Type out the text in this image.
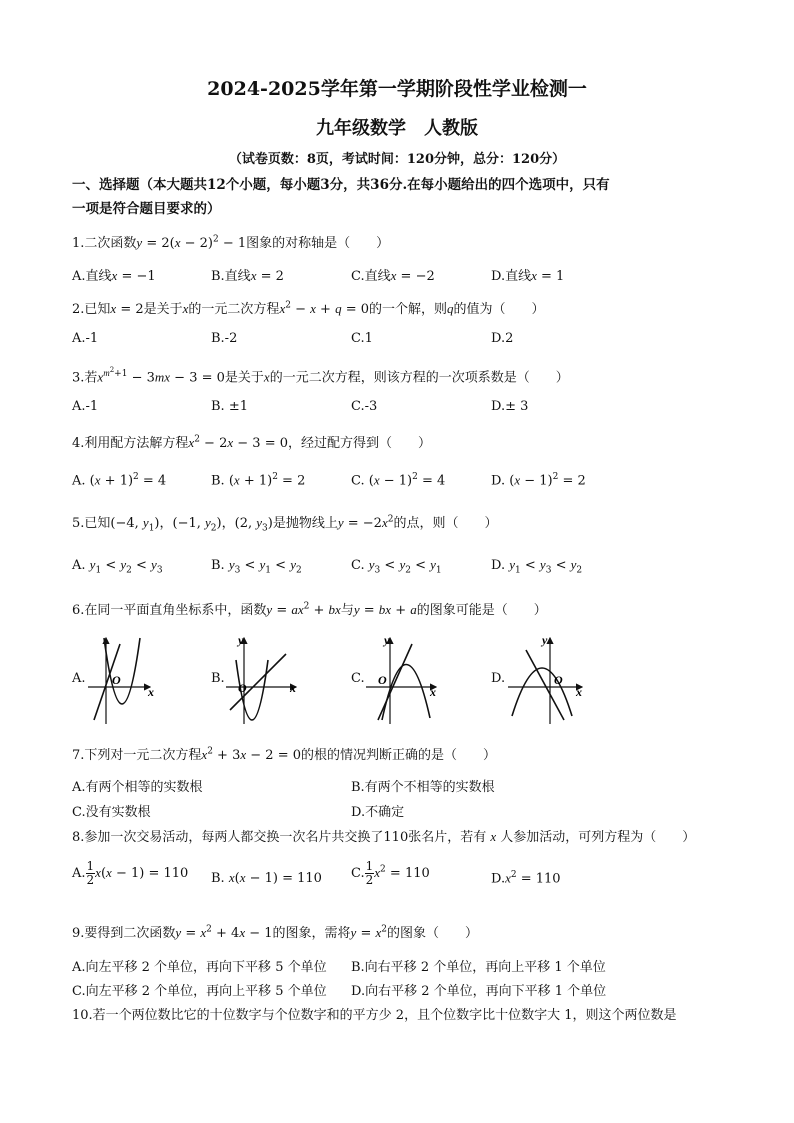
2024-2025学年第一学期阶段性学业检测一
九年级数学　人教版
（试卷页数：8页，考试时间：120分钟，总分：120分）
一、选择题（本大题共12个小题，每小题3分，共36分.在每小题给出的四个选项中，只有
一项是符合题目要求的）
1.二次函数$y = 2(x - 2)^2 - 1$图象的对称轴是（　　）
A.直线x = −1	B.直线x = 2	C.直线x = −2	D.直线x = 1
2.已知x = 2是关于x的一元二次方程$x^2 - x + q = 0$的一个解，则q的值为（　　）
A.-1	B.-2	C.1	D.2
3.若$x^{m^2+1} - 3mx - 3 = 0$是关于x的一元二次方程，则该方程的一次项系数是（　　）
A.-1	B. ±1	C.-3	D.± 3
4.利用配方法解方程$x^2 - 2x - 3 = 0$，经过配方得到（　　）
A. $(x + 1)^2 = 4$	B. $(x + 1)^2 = 2$	C. $(x - 1)^2 = 4$	D. $(x - 1)^2 = 2$
5.已知(−4, $y_1$)，(−1, $y_2$)，(2, $y_3$)是抛物线上$y = -2x^2$的点，则（　　）
A. $y_1 < y_2 < y_3$	B. $y_3 < y_1 < y_2$	C. $y_3 < y_2 < y_1$	D. $y_1 < y_3 < y_2$
6.在同一平面直角坐标系中，函数$y = ax^2$ + bx与y = bx + a的图象可能是（　　）
A. O
x
B.
y
O	x
C.
y
O
x
D.
y
O
x
7.下列对一元二次方程$x^2 + 3x - 2 = 0$的根的情况判断正确的是（　　）
A.有两个相等的实数根	B.有两个不相等的实数根
C.没有实数根	D.不确定
8.参加一次交易活动，每两人都交换一次名片共交换了110张名片，若有 x 人参加活动，可列方程为（　　）
A. $\frac{1}{2} x(x - 1) = 110$ B. x(x − 1) = 110 C. $\frac{1}{2} x^2 = 110$	$D.x^2 = 110$
9.要得到二次函数$y = x^2 + 4x - 1$的图象，需将$y = x^2$的图象（　　）
A.向左平移 2 个单位，再向下平移 5 个单位 B.向右平移 2 个单位，再向上平移 1 个单位
C.向左平移 2 个单位，再向上平移 5 个单位 D.向右平移 2 个单位，再向下平移 1 个单位
10.若一个两位数比它的十位数字与个位数字和的平方少 2，且个位数字比十位数字大 1，则这个两位数是
